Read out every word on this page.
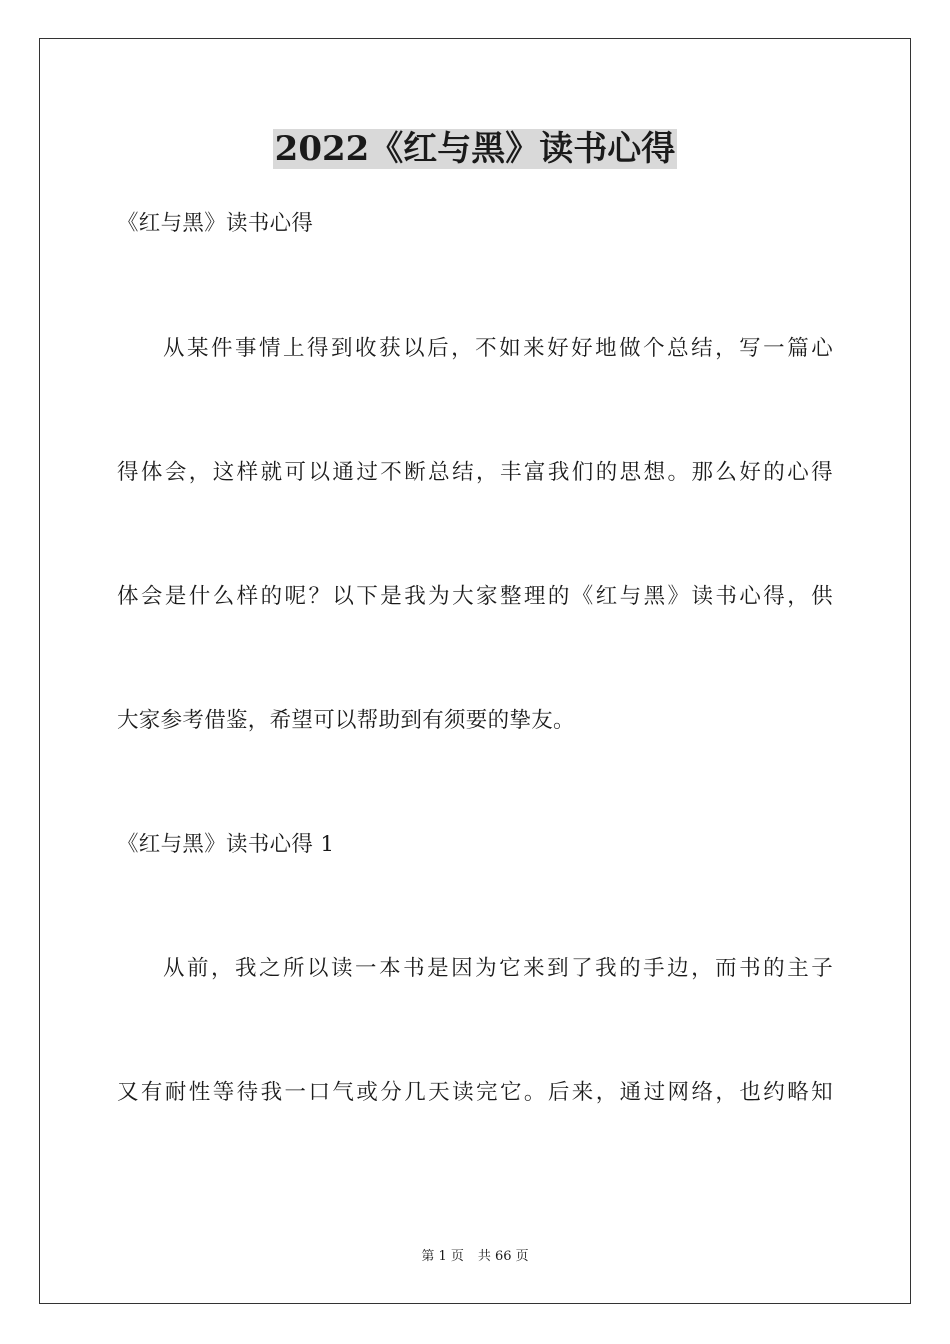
2022《红与黑》读书心得
《红与黑》读书心得
从某件事情上得到收获以后，不如来好好地做个总结，写一篇心
得体会，这样就可以通过不断总结，丰富我们的思想。那么好的心得
体会是什么样的呢？以下是我为大家整理的《红与黑》读书心得，供
大家参考借鉴，希望可以帮助到有须要的挚友。
《红与黑》读书心得 1
从前，我之所以读一本书是因为它来到了我的手边，而书的主子
又有耐性等待我一口气或分几天读完它。后来，通过网络，也约略知
第 1 页 共 66 页
